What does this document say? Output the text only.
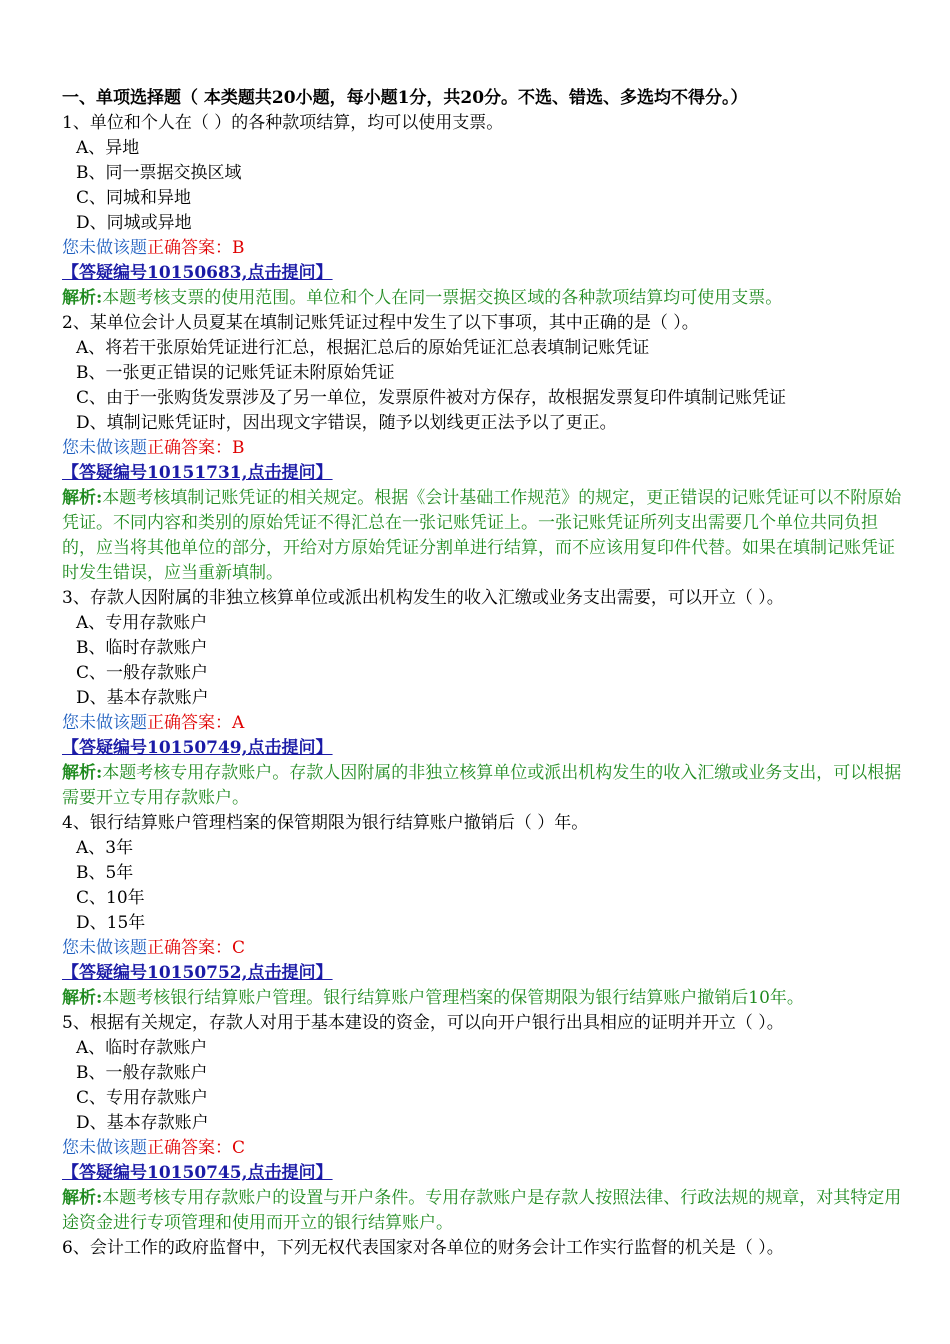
一、单项选择题（ 本类题共20小题，每小题1分，共20分。不选、错选、多选均不得分。）
1、单位和个人在（ ）的各种款项结算，均可以使用支票。
A、异地
B、同一票据交换区域
C、同城和异地
D、同城或异地
您未做该题正确答案：B
【答疑编号10150683,点击提问】
解析:本题考核支票的使用范围。单位和个人在同一票据交换区域的各种款项结算均可使用支票。
2、某单位会计人员夏某在填制记账凭证过程中发生了以下事项，其中正确的是（ ）。
A、将若干张原始凭证进行汇总，根据汇总后的原始凭证汇总表填制记账凭证
B、一张更正错误的记账凭证未附原始凭证
C、由于一张购货发票涉及了另一单位，发票原件被对方保存，故根据发票复印件填制记账凭证
D、填制记账凭证时，因出现文字错误，随予以划线更正法予以了更正。
您未做该题正确答案：B
【答疑编号10151731,点击提问】
解析:本题考核填制记账凭证的相关规定。根据《会计基础工作规范》的规定，更正错误的记账凭证可以不附原始凭证。不同内容和类别的原始凭证不得汇总在一张记账凭证上。一张记账凭证所列支出需要几个单位共同负担的，应当将其他单位的部分，开给对方原始凭证分割单进行结算，而不应该用复印件代替。如果在填制记账凭证时发生错误，应当重新填制。
3、存款人因附属的非独立核算单位或派出机构发生的收入汇缴或业务支出需要，可以开立（ ）。
A、专用存款账户
B、临时存款账户
C、一般存款账户
D、基本存款账户
您未做该题正确答案：A
【答疑编号10150749,点击提问】
解析:本题考核专用存款账户。存款人因附属的非独立核算单位或派出机构发生的收入汇缴或业务支出，可以根据需要开立专用存款账户。
4、银行结算账户管理档案的保管期限为银行结算账户撤销后（ ）年。
A、3年
B、5年
C、10年
D、15年
您未做该题正确答案：C
【答疑编号10150752,点击提问】
解析:本题考核银行结算账户管理。银行结算账户管理档案的保管期限为银行结算账户撤销后10年。
5、根据有关规定，存款人对用于基本建设的资金，可以向开户银行出具相应的证明并开立（ ）。
A、临时存款账户
B、一般存款账户
C、专用存款账户
D、基本存款账户
您未做该题正确答案：C
【答疑编号10150745,点击提问】
解析:本题考核专用存款账户的设置与开户条件。专用存款账户是存款人按照法律、行政法规的规章，对其特定用途资金进行专项管理和使用而开立的银行结算账户。
6、会计工作的政府监督中，下列无权代表国家对各单位的财务会计工作实行监督的机关是（ ）。
